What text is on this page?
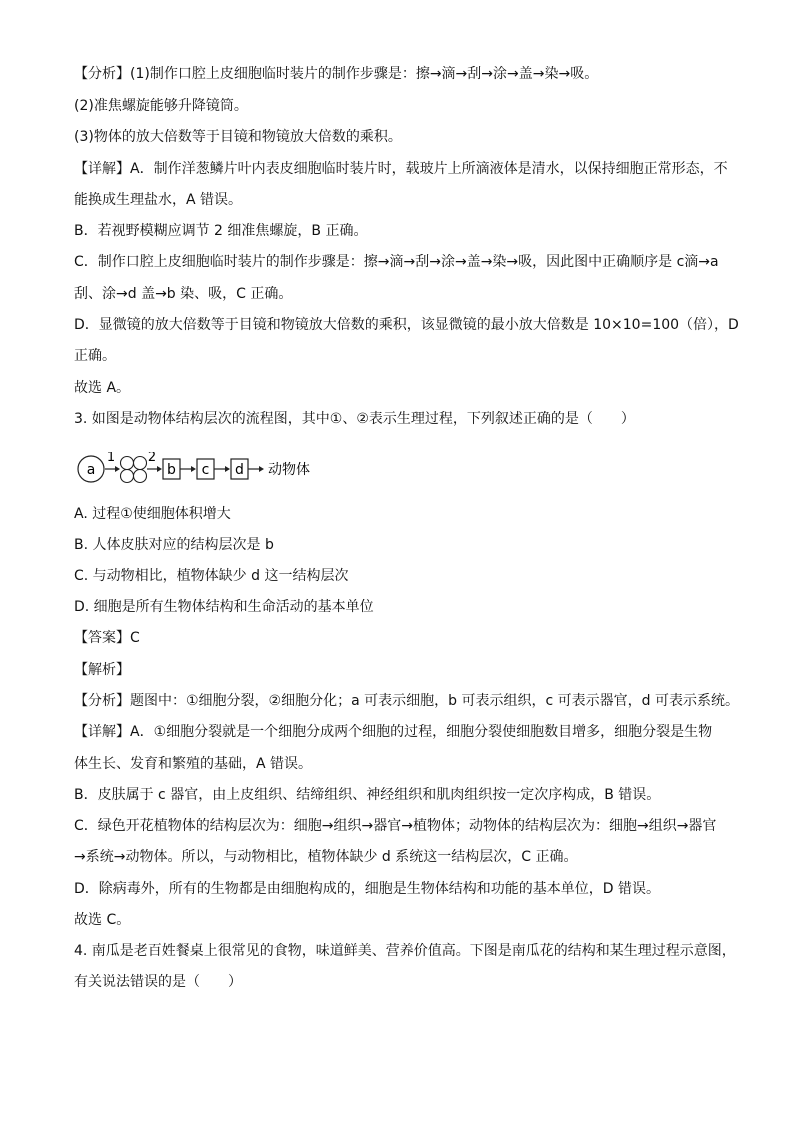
【分析】(1)制作口腔上皮细胞临时装片的制作步骤是：擦→滴→刮→涂→盖→染→吸。
(2)准焦螺旋能够升降镜筒。
(3)物体的放大倍数等于目镜和物镜放大倍数的乘积。
【详解】A．制作洋葱鳞片叶内表皮细胞临时装片时，载玻片上所滴液体是清水，以保持细胞正常形态，不
能换成生理盐水，A 错误。
B．若视野模糊应调节 2 细准焦螺旋，B 正确。
C．制作口腔上皮细胞临时装片的制作步骤是：擦→滴→刮→涂→盖→染→吸，因此图中正确顺序是 c滴→a
刮、涂→d 盖→b 染、吸，C 正确。
D．显微镜的放大倍数等于目镜和物镜放大倍数的乘积，该显微镜的最小放大倍数是 10×10=100（倍），D
正确。
故选 A。
3. 如图是动物体结构层次的流程图，其中①、②表示生理过程，下列叙述正确的是（　　）
a
1	2
b c d 动物体
A. 过程①使细胞体积增大
B. 人体皮肤对应的结构层次是 b
C. 与动物相比，植物体缺少 d 这一结构层次
D. 细胞是所有生物体结构和生命活动的基本单位
【答案】C
【解析】
【分析】题图中：①细胞分裂，②细胞分化；a 可表示细胞，b 可表示组织，c 可表示器官，d 可表示系统。
【详解】A．①细胞分裂就是一个细胞分成两个细胞的过程，细胞分裂使细胞数目增多，细胞分裂是生物
体生长、发育和繁殖的基础，A 错误。
B．皮肤属于 c 器官，由上皮组织、结缔组织、神经组织和肌肉组织按一定次序构成，B 错误。
C．绿色开花植物体的结构层次为：细胞→组织→器官→植物体；动物体的结构层次为：细胞→组织→器官
→系统→动物体。所以，与动物相比，植物体缺少 d 系统这一结构层次，C 正确。
D．除病毒外，所有的生物都是由细胞构成的，细胞是生物体结构和功能的基本单位，D 错误。
故选 C。
4. 南瓜是老百姓餐桌上很常见的食物，味道鲜美、营养价值高。下图是南瓜花的结构和某生理过程示意图，
有关说法错误的是（　　）
